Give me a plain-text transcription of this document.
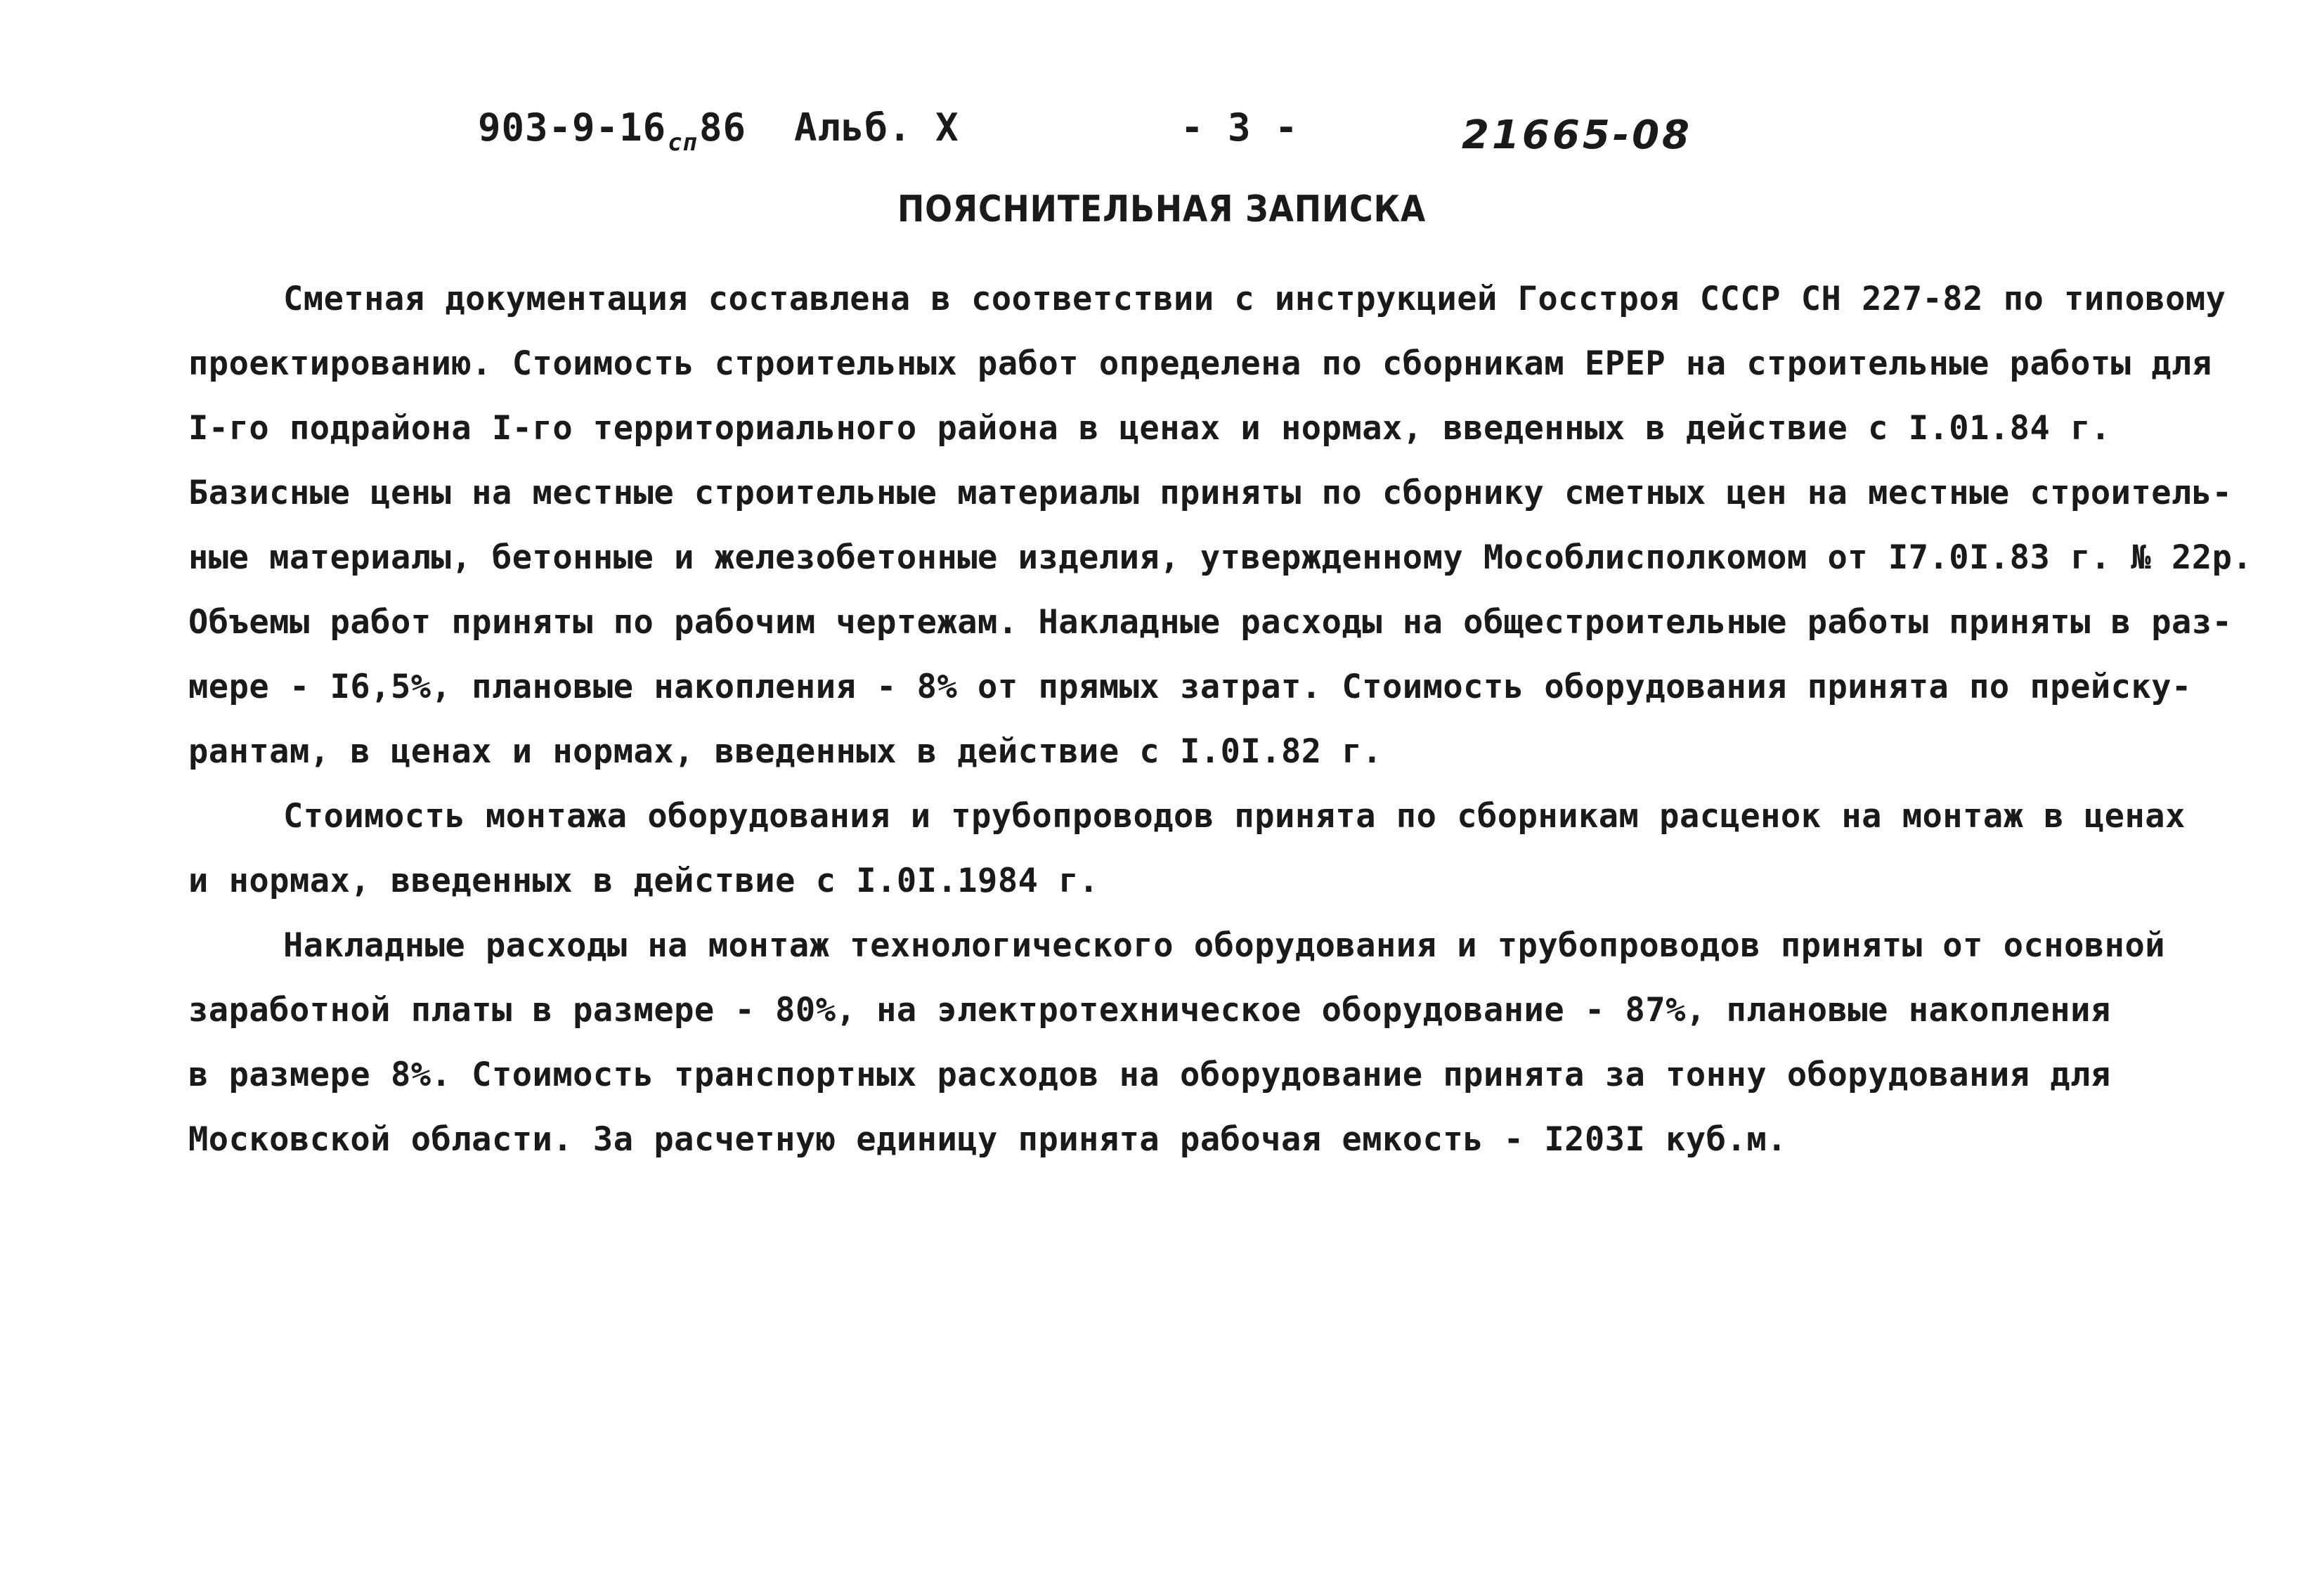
$903-9-16_{сп}86$ Альб. X	- 3 -	21665-08
ПОЯСНИТЕЛЬНАЯ ЗАПИСКА
Сметная документация составлена в соответствии с инструкцией Госстроя СССР СН 227-82 по типовому
проектированию. Стоимость строительных работ определена по сборникам ЕРЕР на строительные работы для
I-го подрайона I-го территориального района в ценах и нормах, введенных в действие с I.01.84 г.
Базисные цены на местные строительные материалы приняты по сборнику сметных цен на местные строитель-
ные материалы, бетонные и железобетонные изделия, утвержденному Мособлисполкомом от I7.0I.83 г. № 22р.
Объемы работ приняты по рабочим чертежам. Накладные расходы на общестроительные работы приняты в раз-
мере - I6,5%, плановые накопления - 8% от прямых затрат. Стоимость оборудования принята по прейску-
рантам, в ценах и нормах, введенных в действие с I.0I.82 г.
Стоимость монтажа оборудования и трубопроводов принята по сборникам расценок на монтаж в ценах
и нормах, введенных в действие с I.0I.1984 г.
Накладные расходы на монтаж технологического оборудования и трубопроводов приняты от основной
заработной платы в размере - 80%, на электротехническое оборудование - 87%, плановые накопления
в размере 8%. Стоимость транспортных расходов на оборудование принята за тонну оборудования для
Московской области. За расчетную единицу принята рабочая емкость - I203I куб.м.
